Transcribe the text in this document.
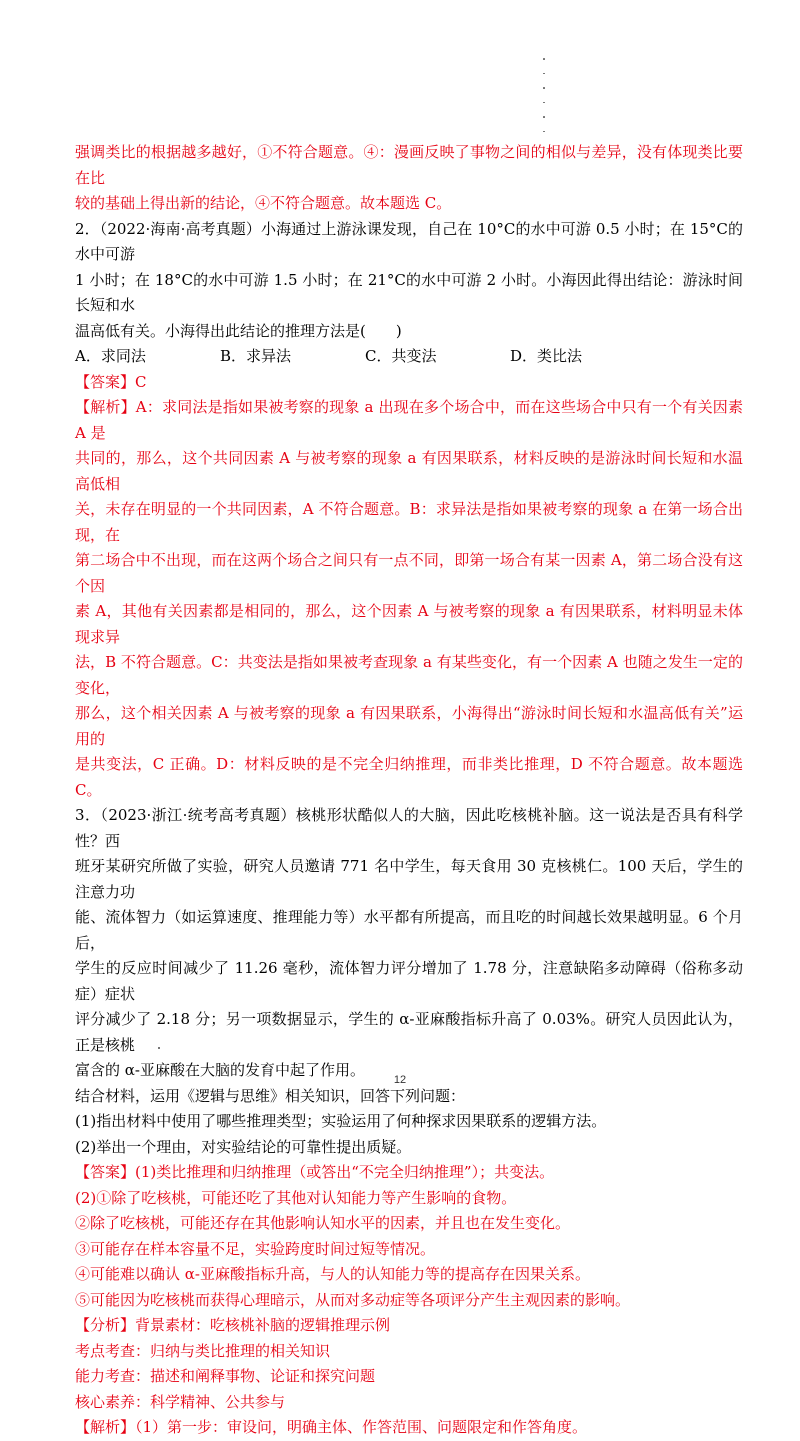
强调类比的根据越多越好，①不符合题意。④：漫画反映了事物之间的相似与差异，没有体现类比要在比

较的基础上得出新的结论，④不符合题意。故本题选 C。

2．（2022·海南·高考真题）小海通过上游泳课发现，自己在 10°C的水中可游 0.5 小时；在 15°C的水中可游

1 小时；在 18°C的水中可游 1.5 小时；在 21°C的水中可游 2 小时。小海因此得出结论：游泳时间长短和水

温高低有关。小海得出此结论的推理方法是(　　)

A．求同法	B．求异法	C．共变法	D．类比法

【答案】C

【解析】A：求同法是指如果被考察的现象 a 出现在多个场合中，而在这些场合中只有一个有关因素 A 是

共同的，那么，这个共同因素 A 与被考察的现象 a 有因果联系，材料反映的是游泳时间长短和水温高低相

关，未存在明显的一个共同因素，A 不符合题意。B：求异法是指如果被考察的现象 a 在第一场合出现，在

第二场合中不出现，而在这两个场合之间只有一点不同，即第一场合有某一因素 A，第二场合没有这个因

素 A，其他有关因素都是相同的，那么，这个因素 A 与被考察的现象 a 有因果联系，材料明显未体现求异

法，B 不符合题意。C：共变法是指如果被考查现象 a 有某些变化，有一个因素 A 也随之发生一定的变化，

那么，这个相关因素 A 与被考察的现象 a 有因果联系，小海得出“游泳时间长短和水温高低有关”运用的

是共变法，C 正确。D：材料反映的是不完全归纳推理，而非类比推理，D 不符合题意。故本题选 C。

3．（2023·浙江·统考高考真题）核桃形状酷似人的大脑，因此吃核桃补脑。这一说法是否具有科学性？西

班牙某研究所做了实验，研究人员邀请 771 名中学生，每天食用 30 克核桃仁。100 天后，学生的注意力功

能、流体智力（如运算速度、推理能力等）水平都有所提高，而且吃的时间越长效果越明显。6 个月后，

学生的反应时间减少了 11.26 毫秒，流体智力评分增加了 1.78 分，注意缺陷多动障碍（俗称多动症）症状

评分减少了 2.18 分；另一项数据显示，学生的 α-亚麻酸指标升高了 0.03%。研究人员因此认为，正是核桃

富含的 α-亚麻酸在大脑的发育中起了作用。

结合材料，运用《逻辑与思维》相关知识，回答下列问题：

(1)指出材料中使用了哪些推理类型；实验运用了何种探求因果联系的逻辑方法。

(2)举出一个理由，对实验结论的可靠性提出质疑。

【答案】(1)类比推理和归纳推理（或答出“不完全归纳推理”）；共变法。

(2)①除了吃核桃，可能还吃了其他对认知能力等产生影响的食物。

②除了吃核桃，可能还存在其他影响认知水平的因素，并且也在发生变化。

③可能存在样本容量不足，实验跨度时间过短等情况。

④可能难以确认 α-亚麻酸指标升高，与人的认知能力等的提高存在因果关系。

⑤可能因为吃核桃而获得心理暗示，从而对多动症等各项评分产生主观因素的影响。

【分析】背景素材：吃核桃补脑的逻辑推理示例

考点考查：归纳与类比推理的相关知识

能力考查：描述和阐释事物、论证和探究问题

核心素养：科学精神、公共参与

【解析】（1）第一步：审设问，明确主体、作答范围、问题限定和作答角度。

12
